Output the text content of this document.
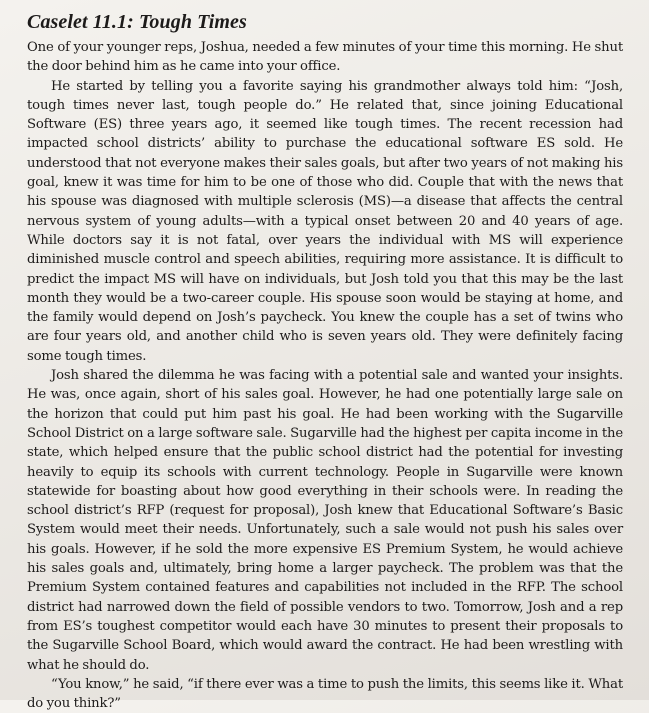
Caselet 11.1: Tough Times

One of your younger reps, Joshua, needed a few minutes of your time this morning. He shut the door behind him as he came into your office.

He started by telling you a favorite saying his grandmother always told him: “Josh, tough times never last, tough people do.” He related that, since joining Educational Software (ES) three years ago, it seemed like tough times. The recent recession had impacted school districts’ ability to purchase the educational software ES sold. He understood that not everyone makes their sales goals, but after two years of not making his goal, knew it was time for him to be one of those who did. Couple that with the news that his spouse was diagnosed with multiple sclerosis (MS)—a disease that affects the central nervous system of young adults—with a typical onset between 20 and 40 years of age. While doctors say it is not fatal, over years the individual with MS will experience diminished muscle control and speech abilities, requiring more assistance. It is difficult to predict the impact MS will have on individuals, but Josh told you that this may be the last month they would be a two-career couple. His spouse soon would be staying at home, and the family would depend on Josh’s paycheck. You knew the couple has a set of twins who are four years old, and another child who is seven years old. They were definitely facing some tough times.

Josh shared the dilemma he was facing with a potential sale and wanted your insights. He was, once again, short of his sales goal. However, he had one potentially large sale on the horizon that could put him past his goal. He had been working with the Sugarville School District on a large software sale. Sugarville had the highest per capita income in the state, which helped ensure that the public school district had the potential for investing heavily to equip its schools with current technology. People in Sugarville were known statewide for boasting about how good everything in their schools were. In reading the school district’s RFP (request for proposal), Josh knew that Educational Software’s Basic System would meet their needs. Unfortunately, such a sale would not push his sales over his goals. However, if he sold the more expensive ES Premium System, he would achieve his sales goals and, ultimately, bring home a larger paycheck. The problem was that the Premium System contained features and capabilities not included in the RFP. The school district had narrowed down the field of possible vendors to two. Tomorrow, Josh and a rep from ES’s toughest competitor would each have 30 minutes to present their proposals to the Sugarville School Board, which would award the contract. He had been wrestling with what he should do.

“You know,” he said, “if there ever was a time to push the limits, this seems like it. What do you think?”
